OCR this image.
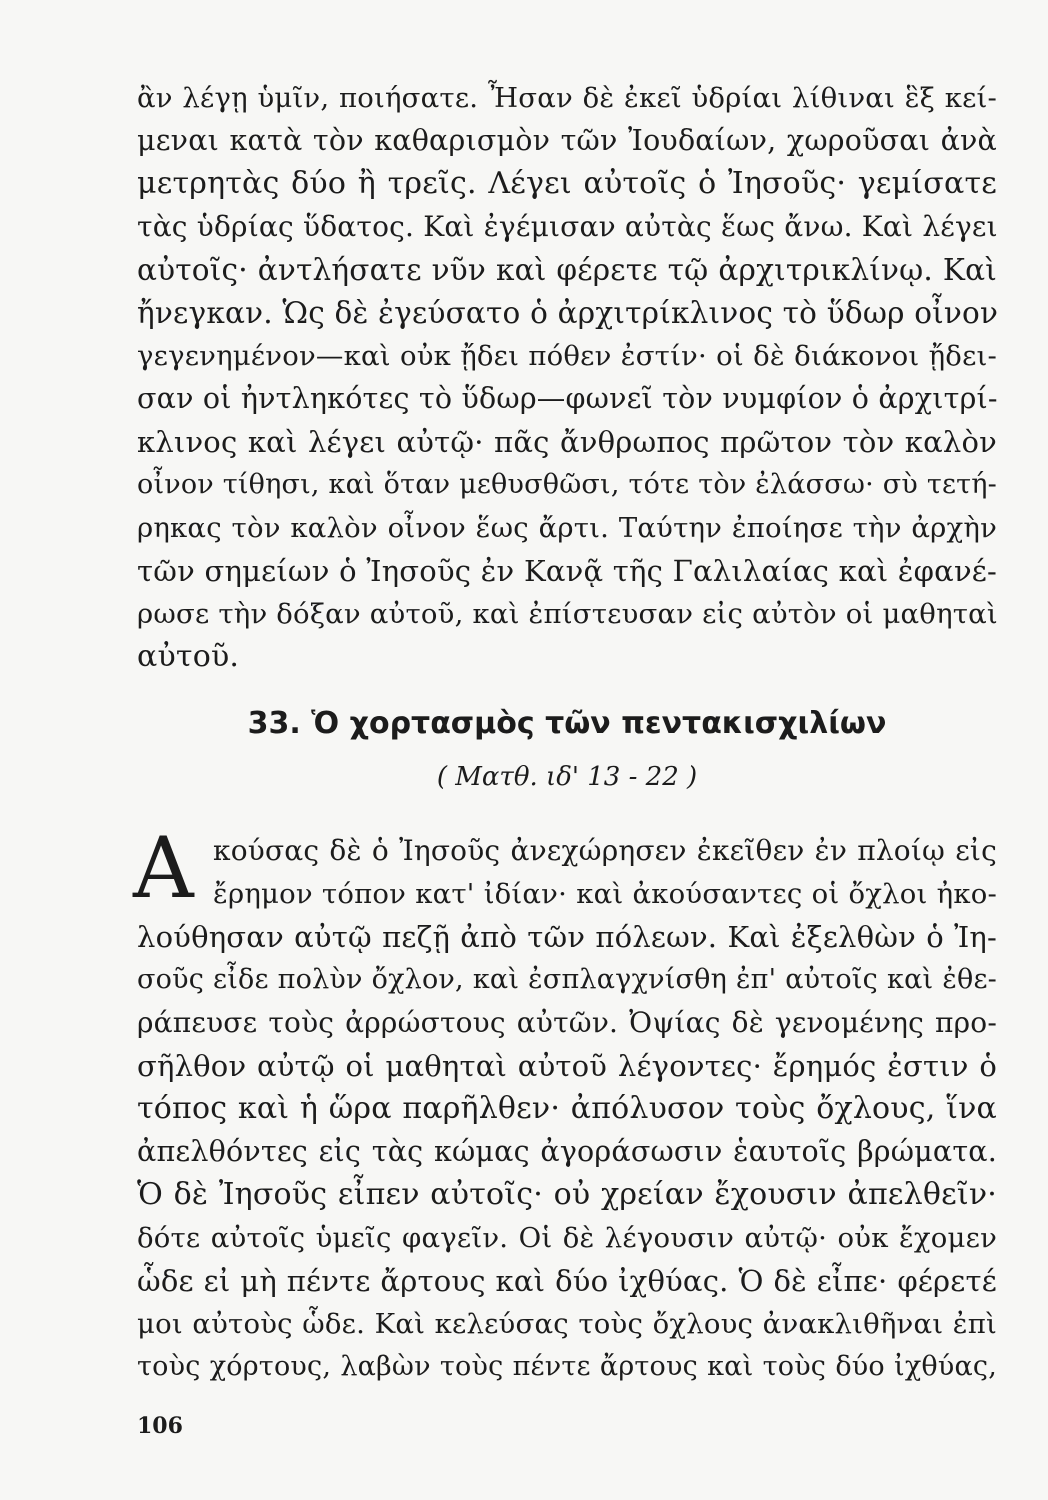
ἂν λέγῃ ὑμῖν, ποιήσατε. Ἦσαν δὲ ἐκεῖ ὑδρίαι λίθιναι ἓξ κεί-
μεναι κατὰ τὸν καθαρισμὸν τῶν Ἰουδαίων, χωροῦσαι ἀνὰ
μετρητὰς δύο ἢ τρεῖς. Λέγει αὐτοῖς ὁ Ἰησοῦς· γεμίσατε
τὰς ὑδρίας ὕδατος. Καὶ ἐγέμισαν αὐτὰς ἕως ἄνω. Καὶ λέγει
αὐτοῖς· ἀντλήσατε νῦν καὶ φέρετε τῷ ἀρχιτρικλίνῳ. Καὶ
ἤνεγκαν. Ὡς δὲ ἐγεύσατο ὁ ἀρχιτρίκλινος τὸ ὕδωρ οἶνον
γεγενημένον—καὶ οὐκ ᾔδει πόθεν ἐστίν· οἱ δὲ διάκονοι ᾔδει-
σαν οἱ ἠντληκότες τὸ ὕδωρ—φωνεῖ τὸν νυμφίον ὁ ἀρχιτρί-
κλινος καὶ λέγει αὐτῷ· πᾶς ἄνθρωπος πρῶτον τὸν καλὸν
οἶνον τίθησι, καὶ ὅταν μεθυσθῶσι, τότε τὸν ἐλάσσω· σὺ τετή-
ρηκας τὸν καλὸν οἶνον ἕως ἄρτι. Ταύτην ἐποίησε τὴν ἀρχὴν
τῶν σημείων ὁ Ἰησοῦς ἐν Κανᾷ τῆς Γαλιλαίας καὶ ἐφανέ-
ρωσε τὴν δόξαν αὐτοῦ, καὶ ἐπίστευσαν εἰς αὐτὸν οἱ μαθηταὶ
αὐτοῦ.
33. Ὁ χορτασμὸς τῶν πεντακισχιλίων
( Ματθ. ιδ' 13 - 22 )
Α κούσας δὲ ὁ Ἰησοῦς ἀνεχώρησεν ἐκεῖθεν ἐν πλοίῳ εἰς
ἔρημον τόπον κατ' ἰδίαν· καὶ ἀκούσαντες οἱ ὄχλοι ἠκο-
λούθησαν αὐτῷ πεζῇ ἀπὸ τῶν πόλεων. Καὶ ἐξελθὼν ὁ Ἰη-
σοῦς εἶδε πολὺν ὄχλον, καὶ ἐσπλαγχνίσθη ἐπ' αὐτοῖς καὶ ἐθε-
ράπευσε τοὺς ἀρρώστους αὐτῶν. Ὀψίας δὲ γενομένης προ-
σῆλθον αὐτῷ οἱ μαθηταὶ αὐτοῦ λέγοντες· ἔρημός ἐστιν ὁ
τόπος καὶ ἡ ὥρα παρῆλθεν· ἀπόλυσον τοὺς ὄχλους, ἵνα
ἀπελθόντες εἰς τὰς κώμας ἀγοράσωσιν ἑαυτοῖς βρώματα.
Ὁ δὲ Ἰησοῦς εἶπεν αὐτοῖς· οὐ χρείαν ἔχουσιν ἀπελθεῖν·
δότε αὐτοῖς ὑμεῖς φαγεῖν. Οἱ δὲ λέγουσιν αὐτῷ· οὐκ ἔχομεν
ὧδε εἰ μὴ πέντε ἄρτους καὶ δύο ἰχθύας. Ὁ δὲ εἶπε· φέρετέ
μοι αὐτοὺς ὧδε. Καὶ κελεύσας τοὺς ὄχλους ἀνακλιθῆναι ἐπὶ
τοὺς χόρτους, λαβὼν τοὺς πέντε ἄρτους καὶ τοὺς δύο ἰχθύας,
106
